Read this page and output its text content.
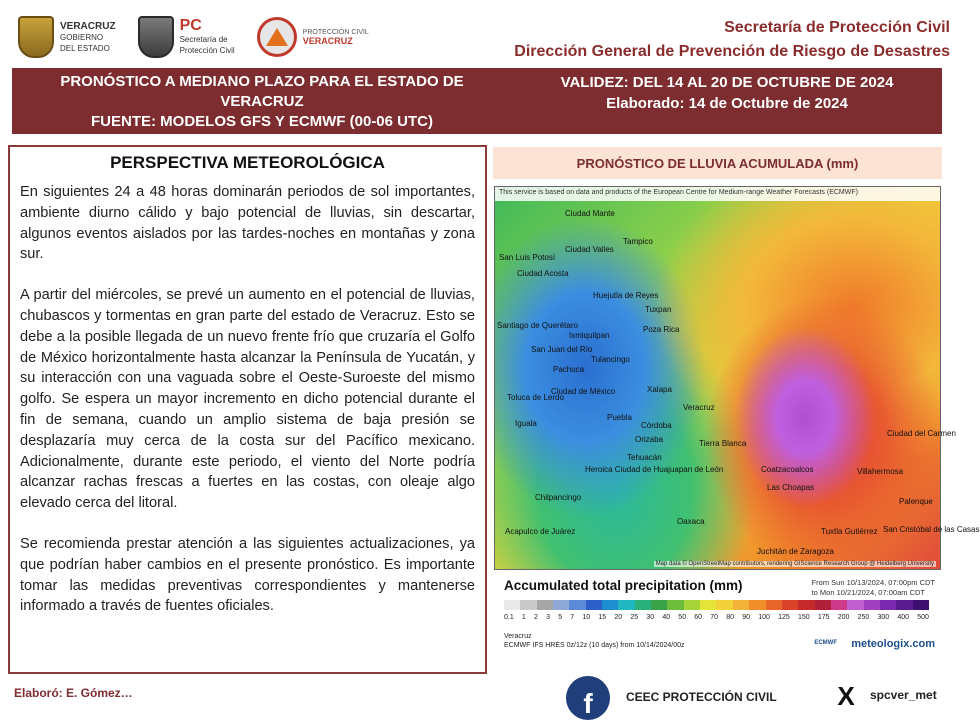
VERACRUZ

GOBIERNO
DEL ESTADO
PC
Secretaría de
Protección Civil
PROTECCIÓN CIVIL
VERACRUZ
Secretaría de Protección Civil
Dirección General de Prevención de Riesgo de Desastres
PRONÓSTICO A MEDIANO PLAZO PARA EL ESTADO DE
VERACRUZ
FUENTE: MODELOS GFS Y ECMWF (00-06 UTC)
VALIDEZ: DEL 14 AL 20 DE OCTUBRE DE 2024
Elaborado: 14 de Octubre de 2024
PERSPECTIVA METEOROLÓGICA

En siguientes 24 a 48 horas dominarán periodos de sol importantes, ambiente diurno cálido y bajo potencial de lluvias, sin descartar, algunos eventos aislados por las tardes-noches en montañas y zona sur.

A partir del miércoles, se prevé un aumento en el potencial de lluvias, chubascos y tormentas en gran parte del estado de Veracruz. Esto se debe a la posible llegada de un nuevo frente frío que cruzaría el Golfo de México horizontalmente hasta alcanzar la Península de Yucatán, y su interacción con una vaguada sobre el Oeste-Suroeste del mismo golfo. Se espera un mayor incremento en dicho potencial durante el fin de semana, cuando un amplio sistema de baja presión se desplazaría muy cerca de la costa sur del Pacífico mexicano. Adicionalmente, durante este periodo, el viento del Norte podría alcanzar rachas frescas a fuertes en las costas, con oleaje algo elevado cerca del litoral.

Se recomienda prestar atención a las siguientes actualizaciones, ya que podrían haber cambios en el presente pronóstico. Es importante tomar las medidas preventivas correspondientes y mantenerse informado a través de fuentes oficiales.

PRONÓSTICO DE LLUVIA ACUMULADA (mm)
This service is based on data and products of the European Centre for Medium-range Weather Forecasts (ECMWF)
Ciudad Mante
Tampico
Ciudad Valles
San Luis Potosí
Ciudad Acosta
Huejutla de Reyes
Tuxpan
Poza Rica
Santiago de Querétaro
San Juan del Río
Ixmiquilpan
Tulancingo
Pachuca
Ciudad de México
Toluca de Lerdo
Xalapa
Veracruz
Puebla
Córdoba
Orizaba
Tehuacán
Tierra Blanca
Coatzacoalcos
Las Choapas
Villahermosa
Ciudad del Carmen
Chilpancingo
Iguala
Heroica Ciudad de Huajuapan de León
Oaxaca
Juchitán de Zaragoza
Tuxtla Gutiérrez
Acapulco de Juárez
Palenque
San Cristóbal de las Casas
Map data © OpenStreetMap contributors, rendering GIScience Research Group @ Heidelberg University
Accumulated total precipitation (mm)	From Sun 10/13/2024, 07:00pm CDT
to Mon 10/21/2024, 07:00am CDT
0.1 1 2 3 5 7 10 15 20 25 30 40 50 60 70 80 90 100 125 150 175 200 250 300 400 500
Veracruz
ECMWF IFS HRES 0z/12z (10 days) from 10/14/2024/00z	ECMWF meteologix.com
Elaboró: E. Gómez…	f	CEEC PROTECCIÓN CIVIL X	spcver_met
